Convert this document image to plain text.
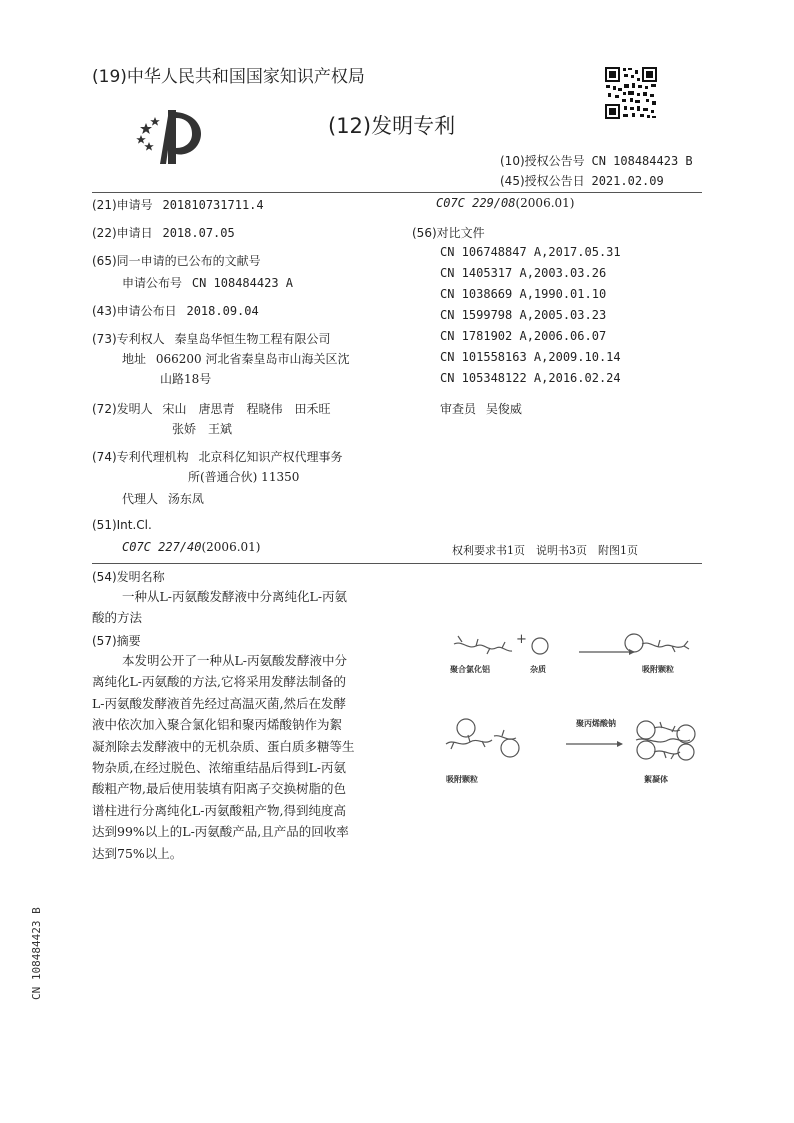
(19)中华人民共和国国家知识产权局
(12)发明专利
(10)授权公告号 CN 108484423 B
(45)授权公告日 2021.02.09
(21)申请号 201810731711.4
(22)申请日 2018.07.05
(65)同一申请的已公布的文献号
申请公布号 CN 108484423 A
(43)申请公布日 2018.09.04
(73)专利权人 秦皇岛华恒生物工程有限公司
地址 066200 河北省秦皇岛市山海关区沈
山路18号
(72)发明人 宋山　唐思青　程晓伟　田禾旺
张娇　王斌
(74)专利代理机构 北京科亿知识产权代理事务
所(普通合伙) 11350
代理人 汤东凤
(51)Int.Cl.
C07C 227/40(2006.01)
C07C 229/08(2006.01)
(56)对比文件
CN 106748847 A,2017.05.31
CN 1405317 A,2003.03.26
CN 1038669 A,1990.01.10
CN 1599798 A,2005.03.23
CN 1781902 A,2006.06.07
CN 101558163 A,2009.10.14
CN 105348122 A,2016.02.24
审查员 吴俊威
权利要求书1页　说明书3页　附图1页
(54)发明名称
一种从L-丙氨酸发酵液中分离纯化L-丙氨
酸的方法
(57)摘要
本发明公开了一种从L-丙氨酸发酵液中分
离纯化L-丙氨酸的方法,它将采用发酵法制备的
L-丙氨酸发酵液首先经过高温灭菌,然后在发酵
液中依次加入聚合氯化铝和聚丙烯酸钠作为絮
凝剂除去发酵液中的无机杂质、蛋白质多糖等生
物杂质,在经过脱色、浓缩重结晶后得到L-丙氨
酸粗产物,最后使用装填有阳离子交换树脂的色
谱柱进行分离纯化L-丙氨酸粗产物,得到纯度高
达到99%以上的L-丙氨酸产品,且产品的回收率
达到75%以上。
+
聚合氯化铝	杂质	吸附颗粒
聚丙烯酸钠
吸附颗粒	絮凝体
CN 108484423 B
